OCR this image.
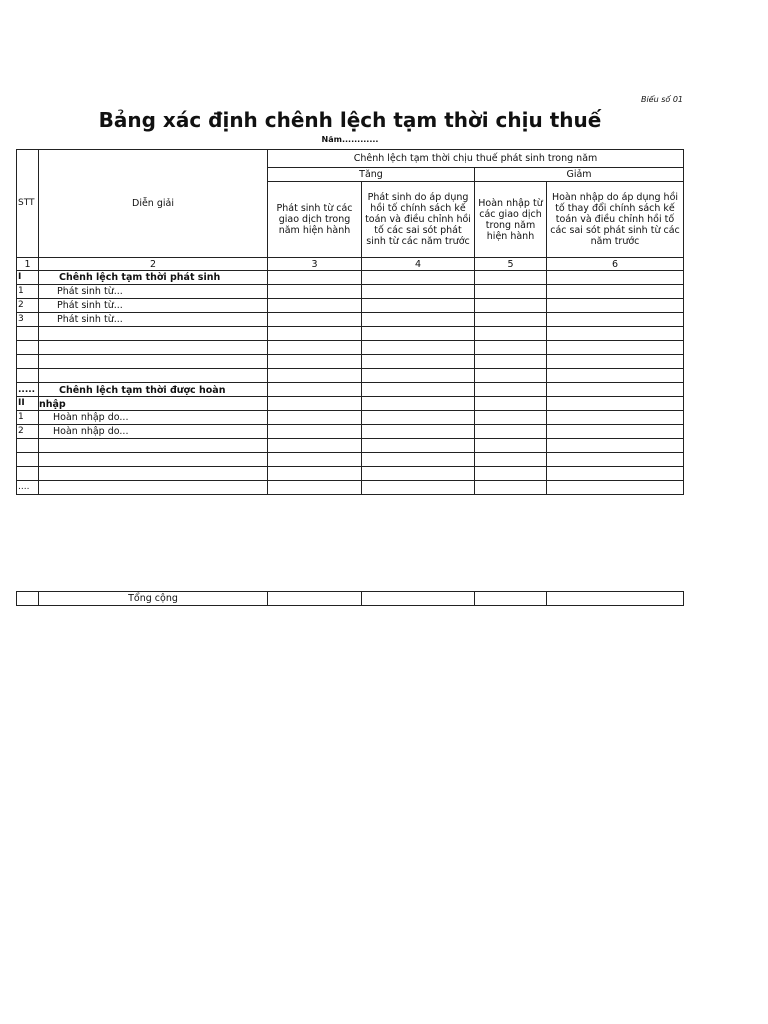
Biểu số 01
Bảng xác định chênh lệch tạm thời chịu thuế
Năm............
STT	Diễn giải	Chênh lệch tạm thời chịu thuế phát sinh trong năm			
		Tăng		Giảm	
		Phát sinh từ các giao dịch trong năm hiện hành	Phát sinh do áp dụng hồi tố chính sách kế toán và điều chỉnh hồi tố các sai sót phát sinh từ các năm trước	Hoàn nhập từ các giao dịch trong năm hiện hành	Hoàn nhập do áp dụng hồi tố thay đổi chính sách kế toán và điều chỉnh hồi tố các sai sót phát sinh từ các năm trước
1	2	3	4	5	6
I	Chênh lệch tạm thời phát sinh				
1	Phát sinh từ...				
2	Phát sinh từ...				
3	Phát sinh từ...				

.....	Chênh lệch tạm thời được hoàn				
II	nhập				
1	Hoàn nhập do...				
2	Hoàn nhập do...				

....					
	Tổng cộng				
